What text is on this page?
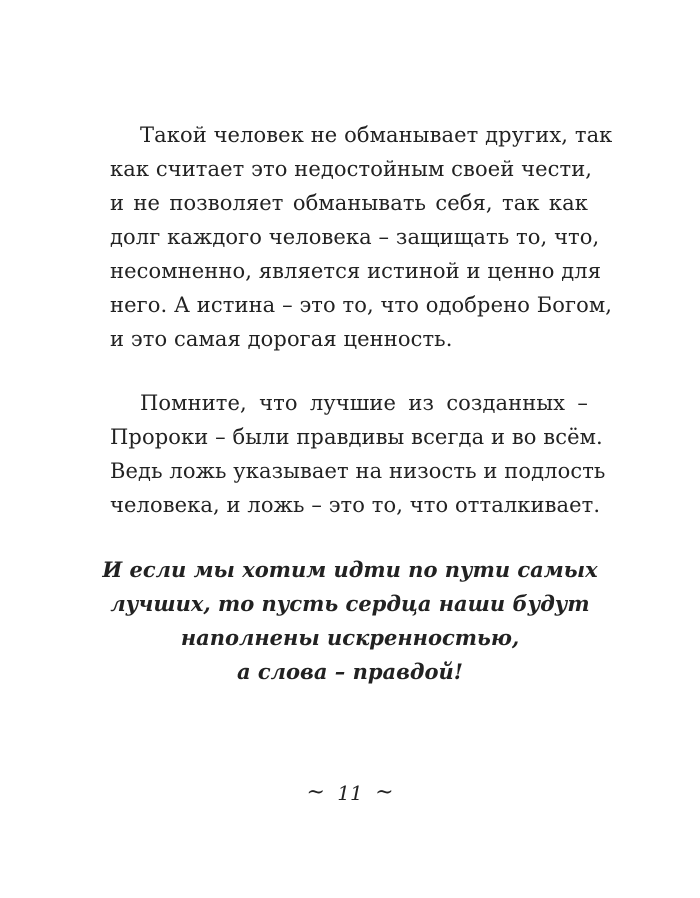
Такой человек не обманывает других, так
как считает это недостойным своей чести,
и не позволяет обманывать себя, так как
долг каждого человека – защищать то, что,
несомненно, является истиной и ценно для
него. А истина – это то, что одобрено Богом,
и это самая дорогая ценность.
Помните, что лучшие из созданных –
Пророки – были правдивы всегда и во всём.
Ведь ложь указывает на низость и подлость
человека, и ложь – это то, что отталкивает.
И если мы хотим идти по пути самых
лучших, то пусть сердца наши будут
наполнены искренностью,
а слова – правдой!
~ 11 ~
